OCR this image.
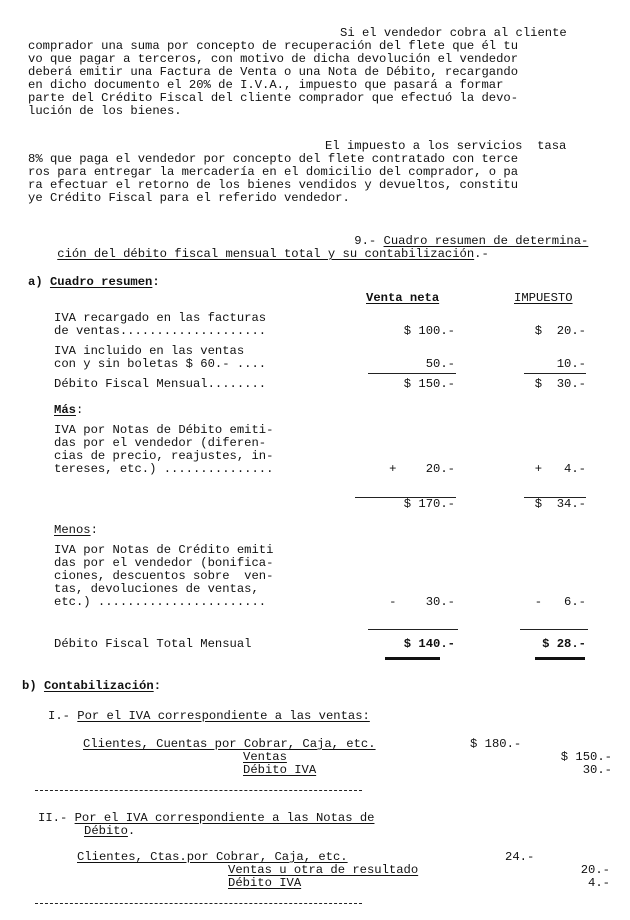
Si el vendedor cobra al cliente
comprador una suma por concepto de recuperación del flete que él tu
vo que pagar a terceros, con motivo de dicha devolución el vendedor
deberá emitir una Factura de Venta o una Nota de Débito, recargando
en dicho documento el 20% de I.V.A., impuesto que pasará a formar
parte del Crédito Fiscal del cliente comprador que efectuó la devo-
lución de los bienes.
El impuesto a los servicios  tasa
8% que paga el vendedor por concepto del flete contratado con terce
ros para entregar la mercadería en el domicilio del comprador, o pa
ra efectuar el retorno de los bienes vendidos y devueltos, constitu
ye Crédito Fiscal para el referido vendedor.

9.- Cuadro resumen de determina-

ción del débito fiscal mensual total y su contabilización.-

a) Cuadro resumen:
Venta neta	IMPUESTO
IVA recargado en las facturas
de ventas....................	$ 100.-	$  20.-
IVA incluido en las ventas
con y sin boletas $ 60.- ....	50.-	10.-
Débito Fiscal Mensual........	$ 150.-	$  30.-
Más:
IVA por Notas de Débito emiti-
das por el vendedor (diferen-
cias de precio, reajustes, in-
tereses, etc.) ...............	+    20.-	+   4.-
$ 170.-	$  34.-
Menos:
IVA por Notas de Crédito emiti
das por el vendedor (bonifica-
ciones, descuentos sobre  ven-
tas, devoluciones de ventas,
etc.) .......................	-    30.-	-   6.-
Débito Fiscal Total Mensual	$ 140.-	$ 28.-
b) Contabilización:
I.- Por el IVA correspondiente a las ventas:
Clientes, Cuentas por Cobrar, Caja, etc.	$ 180.-
Ventas	$ 150.-
Débito IVA	30.-
II.- Por el IVA correspondiente a las Notas de
Débito.
Clientes, Ctas.por Cobrar, Caja, etc.	24.-
Ventas u otra de resultado	20.-
Débito IVA	4.-
